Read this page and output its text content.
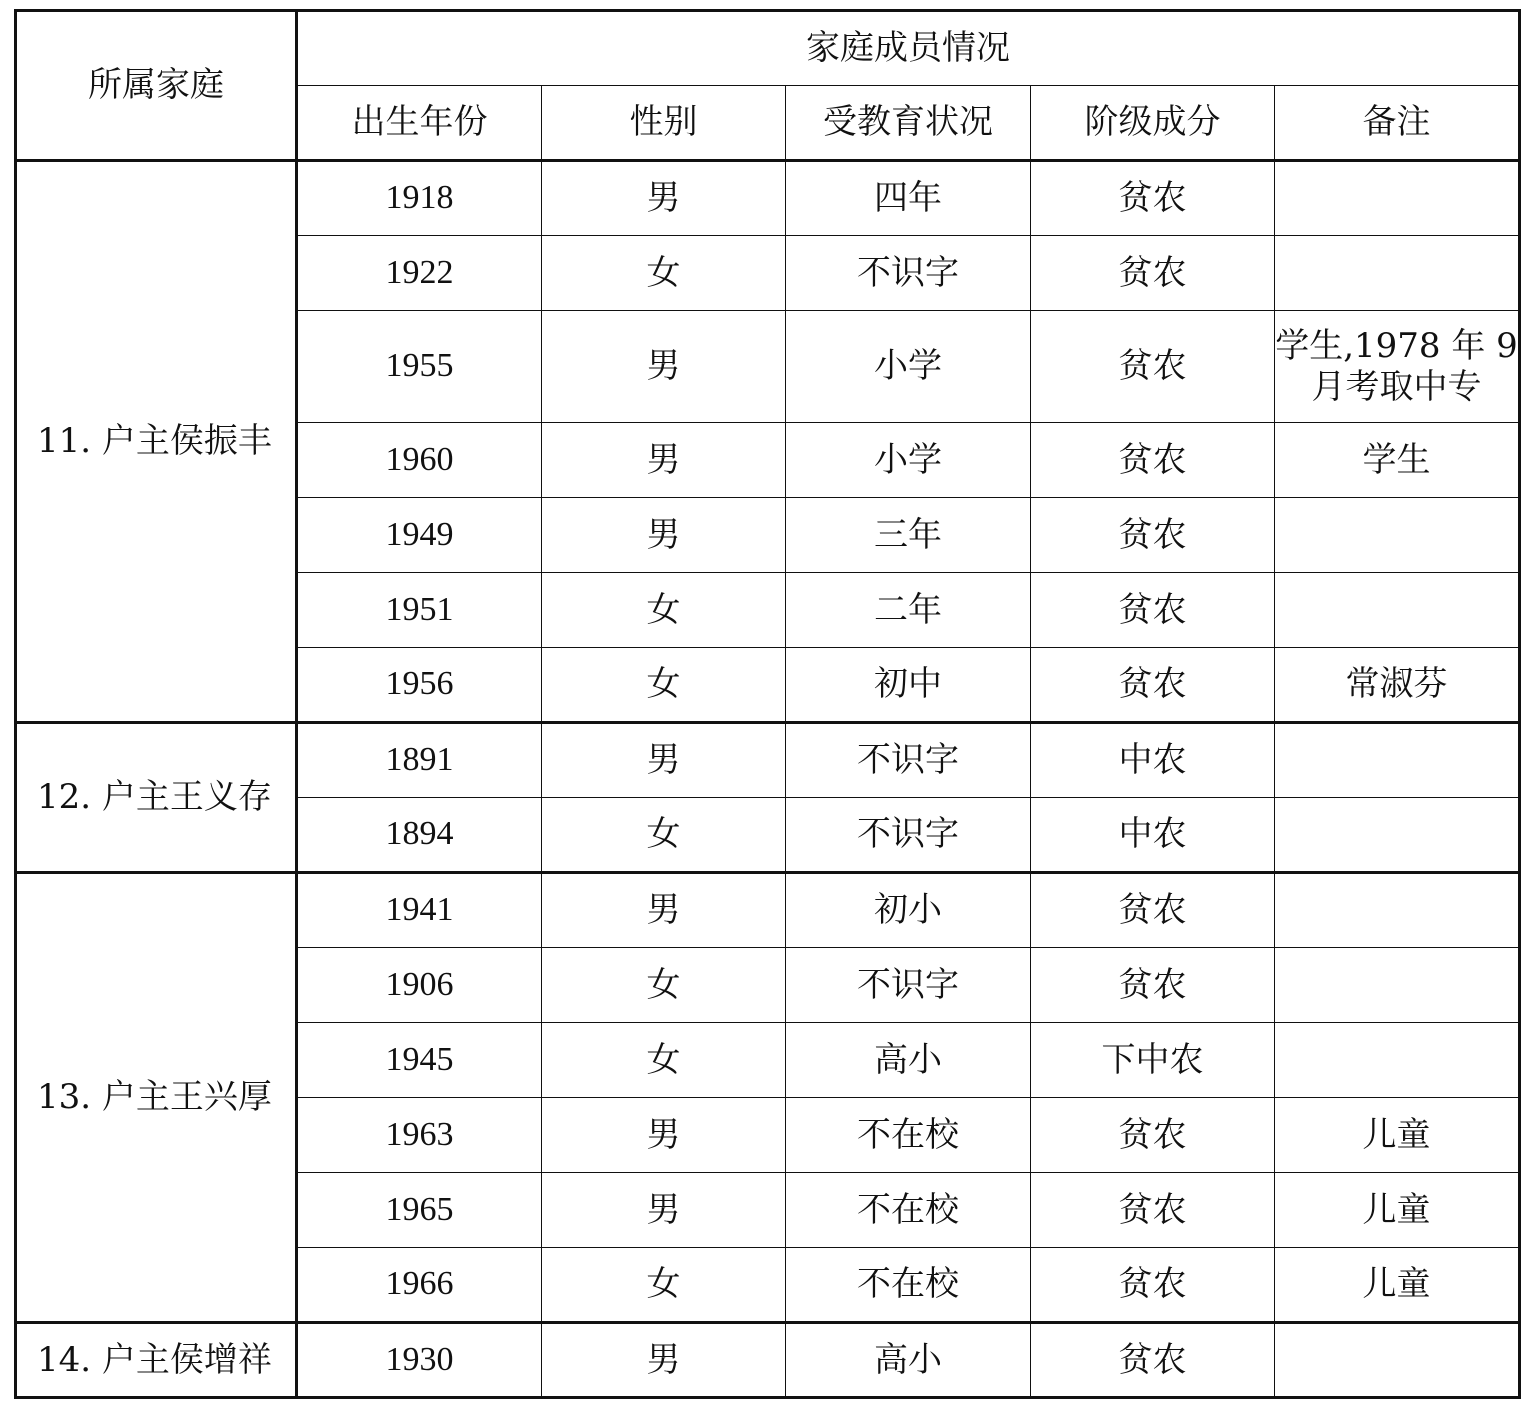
所属家庭	家庭成员情况				
	出生年份	性别	受教育状况	阶级成分	备注
11. 户主侯振丰	1918	男	四年	贫农	
	1922	女	不识字	贫农	
	1955	男	小学	贫农	学生,1978 年 9 月考取中专
	1960	男	小学	贫农	学生
	1949	男	三年	贫农	
	1951	女	二年	贫农	
	1956	女	初中	贫农	常淑芬
12. 户主王义存	1891	男	不识字	中农	
	1894	女	不识字	中农	
13. 户主王兴厚	1941	男	初小	贫农	
	1906	女	不识字	贫农	
	1945	女	高小	下中农	
	1963	男	不在校	贫农	儿童
	1965	男	不在校	贫农	儿童
	1966	女	不在校	贫农	儿童
14. 户主侯增祥	1930	男	高小	贫农	
